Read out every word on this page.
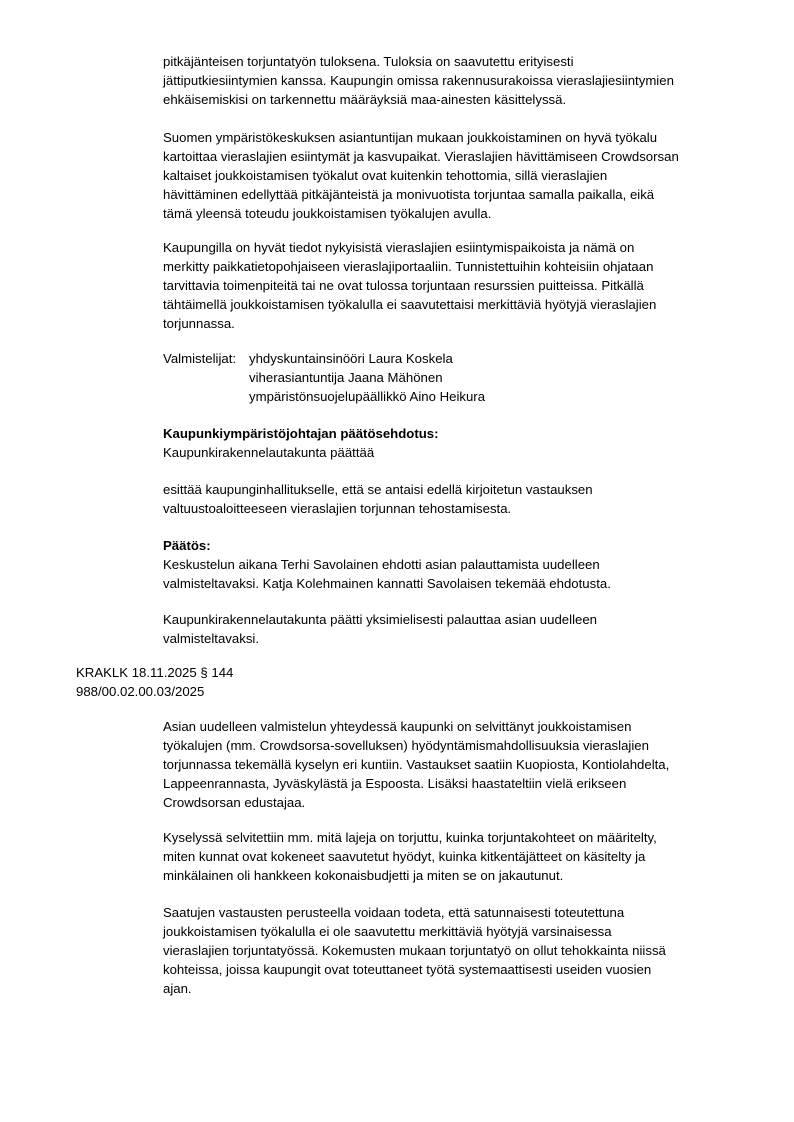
pitkäjänteisen torjuntatyön tuloksena. Tuloksia on saavutettu erityisesti
jättiputkiesiintymien kanssa. Kaupungin omissa rakennusurakoissa vieraslajiesiintymien
ehkäisemiskisi on tarkennettu määräyksiä maa-ainesten käsittelyssä.
Suomen ympäristökeskuksen asiantuntijan mukaan joukkoistaminen on hyvä työkalu
kartoittaa vieraslajien esiintymät ja kasvupaikat. Vieraslajien hävittämiseen Crowdsorsan
kaltaiset joukkoistamisen työkalut ovat kuitenkin tehottomia, sillä vieraslajien
hävittäminen edellyttää pitkäjänteistä ja monivuotista torjuntaa samalla paikalla, eikä
tämä yleensä toteudu joukkoistamisen työkalujen avulla.
Kaupungilla on hyvät tiedot nykyisistä vieraslajien esiintymispaikoista ja nämä on
merkitty paikkatietopohjaiseen vieraslajiportaaliin. Tunnistettuihin kohteisiin ohjataan
tarvittavia toimenpiteitä tai ne ovat tulossa torjuntaan resurssien puitteissa. Pitkällä
tähtäimellä joukkoistamisen työkalulla ei saavutettaisi merkittäviä hyötyjä vieraslajien
torjunnassa.
Valmistelijat: yhdyskuntainsinööri Laura Koskela
viherasiantuntija Jaana Mähönen
ympäristönsuojelupäällikkö Aino Heikura
Kaupunkiympäristöjohtajan päätösehdotus:
Kaupunkirakennelautakunta päättää
esittää kaupunginhallitukselle, että se antaisi edellä kirjoitetun vastauksen
valtuustoaloitteeseen vieraslajien torjunnan tehostamisesta.
Päätös:
Keskustelun aikana Terhi Savolainen ehdotti asian palauttamista uudelleen
valmisteltavaksi. Katja Kolehmainen kannatti Savolaisen tekemää ehdotusta.
Kaupunkirakennelautakunta päätti yksimielisesti palauttaa asian uudelleen
valmisteltavaksi.
KRAKLK 18.11.2025 § 144
988/00.02.00.03/2025
Asian uudelleen valmistelun yhteydessä kaupunki on selvittänyt joukkoistamisen
työkalujen (mm. Crowdsorsa-sovelluksen) hyödyntämismahdollisuuksia vieraslajien
torjunnassa tekemällä kyselyn eri kuntiin. Vastaukset saatiin Kuopiosta, Kontiolahdelta,
Lappeenrannasta, Jyväskylästä ja Espoosta. Lisäksi haastateltiin vielä erikseen
Crowdsorsan edustajaa.
Kyselyssä selvitettiin mm. mitä lajeja on torjuttu, kuinka torjuntakohteet on määritelty,
miten kunnat ovat kokeneet saavutetut hyödyt, kuinka kitkentäjätteet on käsitelty ja
minkälainen oli hankkeen kokonaisbudjetti ja miten se on jakautunut.
Saatujen vastausten perusteella voidaan todeta, että satunnaisesti toteutettuna
joukkoistamisen työkalulla ei ole saavutettu merkittäviä hyötyjä varsinaisessa
vieraslajien torjuntatyössä. Kokemusten mukaan torjuntatyö on ollut tehokkainta niissä
kohteissa, joissa kaupungit ovat toteuttaneet työtä systemaattisesti useiden vuosien
ajan.
